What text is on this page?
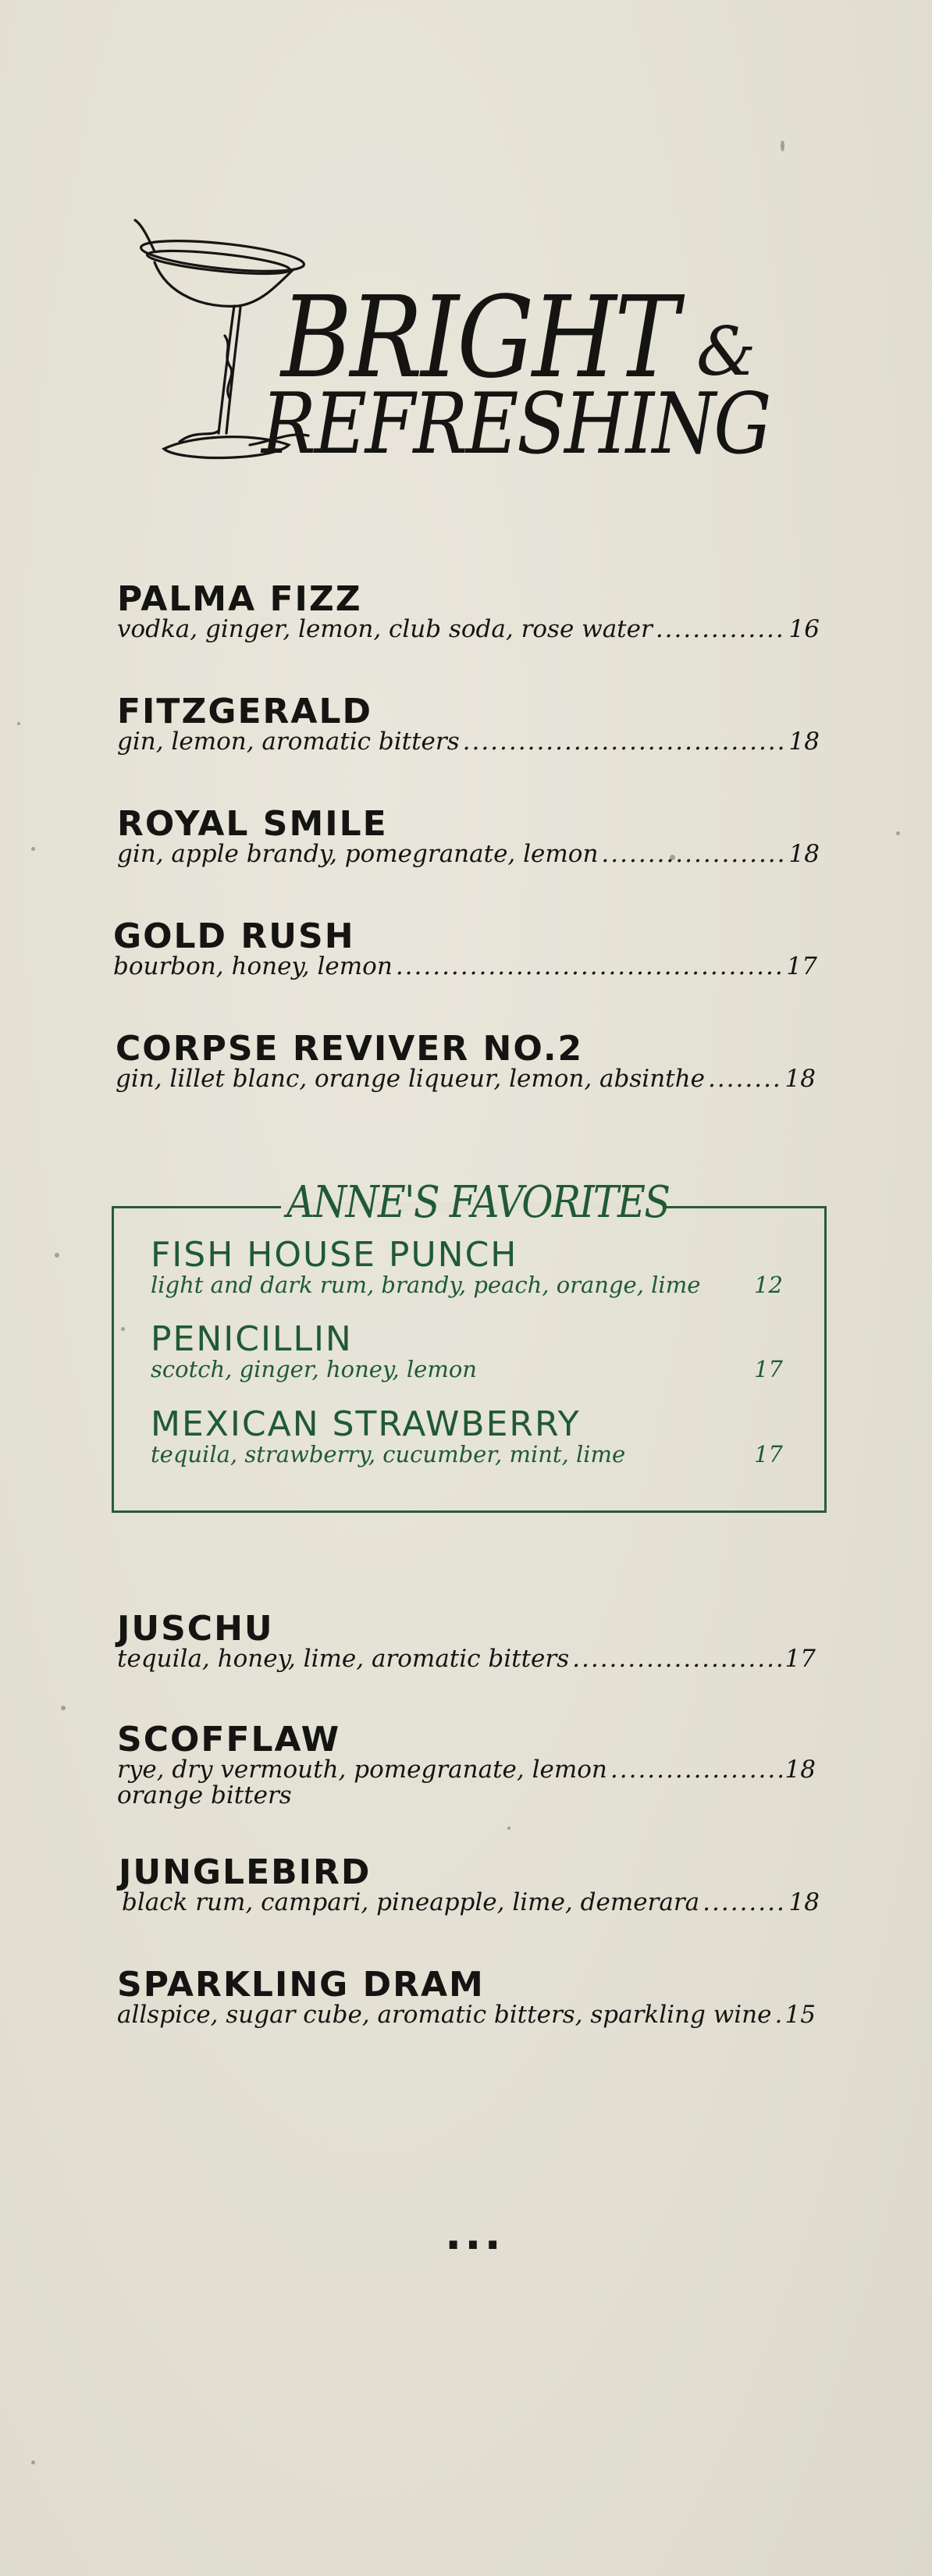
BRIGHT &
REFRESHING
PALMA FIZZ
vodka, ginger, lemon, club soda, rose water .....	16
FITZGERALD
gin, lemon, aromatic bitters .....	18
ROYAL SMILE
gin, apple brandy, pomegranate, lemon .....	18
GOLD RUSH
bourbon, honey, lemon .....	17
CORPSE REVIVER NO.2
gin, lillet blanc, orange liqueur, lemon, absinthe .....	18
ANNE'S FAVORITES
FISH HOUSE PUNCH
light and dark rum, brandy, peach, orange, lime 12
PENICILLIN
scotch, ginger, honey, lemon	17
MEXICAN STRAWBERRY
tequila, strawberry, cucumber, mint, lime	17
JUSCHU
tequila, honey, lime, aromatic bitters .....	17
SCOFFLAW
rye, dry vermouth, pomegranate, lemon .....	18
orange bitters
JUNGLEBIRD
black rum, campari, pineapple, lime, demerara .....	18
SPARKLING DRAM
allspice, sugar cube, aromatic bitters, sparkling wine ..... 15
...
